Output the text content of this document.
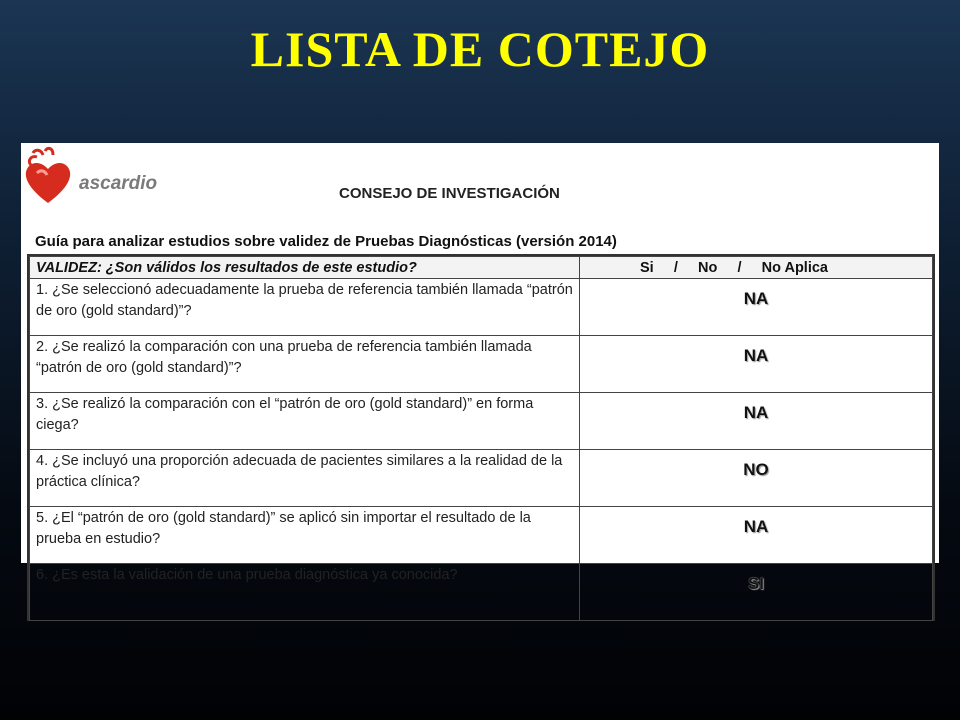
LISTA DE COTEJO
ascardio	CONSEJO DE INVESTIGACIÓN
Guía para analizar estudios sobre validez de Pruebas Diagnósticas (versión 2014)
VALIDEZ: ¿Son válidos los resultados de este estudio?	Si     /     No     /     No Aplica
1. ¿Se seleccionó adecuadamente la prueba de referencia también llamada “patrón de oro (gold standard)”?	NA
2. ¿Se realizó la comparación con una prueba de referencia también llamada “patrón de oro (gold standard)”?	NA
3. ¿Se realizó la comparación con el “patrón de oro (gold standard)” en forma ciega?	NA
4. ¿Se incluyó una proporción adecuada de pacientes similares a la realidad de la práctica clínica?	NO
5. ¿El “patrón de oro (gold standard)” se aplicó sin importar el resultado de la prueba en estudio?	NA
6. ¿Es esta la validación de una prueba diagnóstica ya conocida?	SI
